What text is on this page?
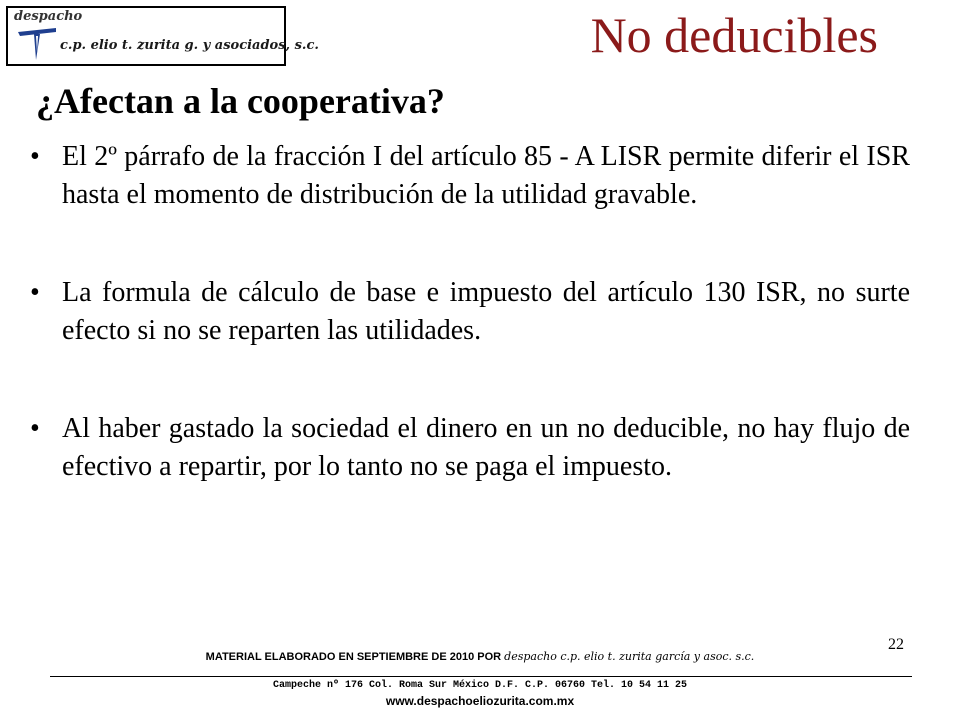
despacho
c.p. elio t. zurita g. y asociados, s.c.	No deducibles
¿Afectan a la cooperativa?
• El 2º párrafo de la fracción I del artículo 85 - A LISR permite diferir el ISR hasta el momento de distribución de la utilidad gravable.
• La formula de cálculo de base e impuesto del artículo 130 ISR, no surte efecto si no se reparten las utilidades.
• Al haber gastado la sociedad el dinero en un no deducible, no hay flujo de efectivo a repartir, por lo tanto no se paga el impuesto.
22
MATERIAL ELABORADO EN SEPTIEMBRE DE 2010 POR despacho c.p. elio t. zurita garcía y asoc. s.c.
Campeche nº 176 Col. Roma Sur México D.F. C.P. 06760 Tel. 10 54 11 25
www.despachoeliozurita.com.mx
